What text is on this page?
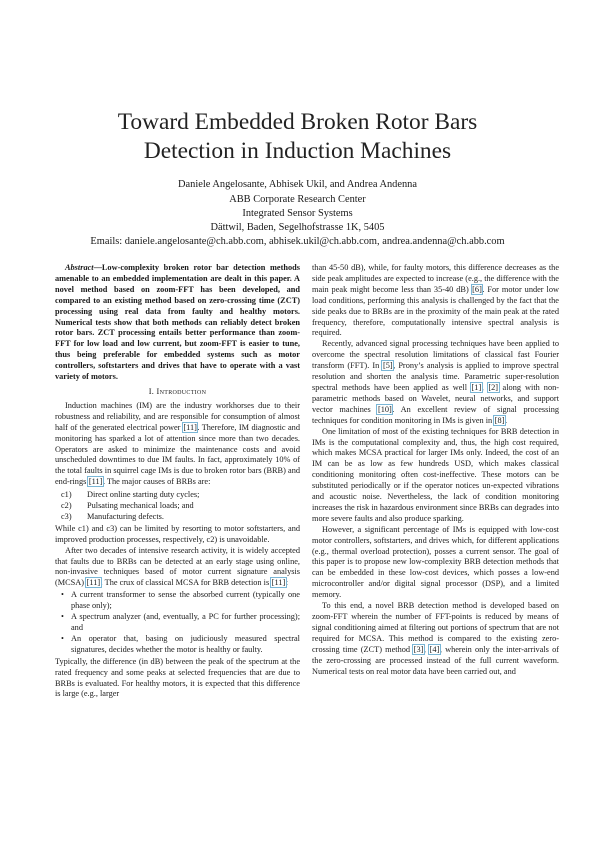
Toward Embedded Broken Rotor Bars
Detection in Induction Machines
Daniele Angelosante, Abhisek Ukil, and Andrea Andenna
ABB Corporate Research Center
Integrated Sensor Systems
Dättwil, Baden, Segelhofstrasse 1K, 5405
Emails: daniele.angelosante@ch.abb.com, abhisek.ukil@ch.abb.com, andrea.andenna@ch.abb.com

Abstract—Low-complexity broken rotor bar detection methods amenable to an embedded implementation are dealt in this paper. A novel method based on zoom-FFT has been developed, and compared to an existing method based on zero-crossing time (ZCT) processing using real data from faulty and healthy motors. Numerical tests show that both methods can reliably detect broken rotor bars. ZCT processing entails better performance than zoom-FFT for low load and low current, but zoom-FFT is easier to tune, thus being preferable for embedded systems such as motor controllers, softstarters and drives that have to operate with a vast variety of motors.

I. Introduction

Induction machines (IM) are the industry workhorses due to their robustness and reliability, and are responsible for consumption of almost half of the generated electrical power [11]. Therefore, IM diagnostic and monitoring has sparked a lot of attention since more than two decades. Operators are asked to minimize the maintenance costs and avoid unscheduled downtimes to due IM faults. In fact, approximately 10% of the total faults in squirrel cage IMs is due to broken rotor bars (BRB) and end-rings [11]. The major causes of BRBs are:

c1) Direct online starting duty cycles;
c2) Pulsating mechanical loads; and
c3) Manufacturing defects.

While c1) and c3) can be limited by resorting to motor softstarters, and improved production processes, respectively, c2) is unavoidable.

After two decades of intensive research activity, it is widely accepted that faults due to BRBs can be detected at an early stage using online, non-invasive techniques based of motor current signature analysis (MCSA) [11]. The crux of classical MCSA for BRB detection is [11]:

• A current transformer to sense the absorbed current (typically one phase only);
• A spectrum analyzer (and, eventually, a PC for further processing); and
• An operator that, basing on judiciously measured spectral signatures, decides whether the motor is healthy or faulty.

Typically, the difference (in dB) between the peak of the spectrum at the rated frequency and some peaks at selected frequencies that are due to BRBs is evaluated. For healthy motors, it is expected that this difference is large (e.g., larger

than 45-50 dB), while, for faulty motors, this difference decreases as the side peak amplitudes are expected to increase (e.g., the difference with the main peak might become less than 35-40 dB) [6]. For motor under low load conditions, performing this analysis is challenged by the fact that the side peaks due to BRBs are in the proximity of the main peak at the rated frequency, therefore, computationally intensive spectral analysis is required.

Recently, advanced signal processing techniques have been applied to overcome the spectral resolution limitations of classical fast Fourier transform (FFT). In [5], Prony’s analysis is applied to improve spectral resolution and shorten the analysis time. Parametric super-resolution spectral methods have been applied as well [1], [2] along with non-parametric methods based on Wavelet, neural networks, and support vector machines [10]. An excellent review of signal processing techniques for condition monitoring in IMs is given in [8].

One limitation of most of the existing techniques for BRB detection in IMs is the computational complexity and, thus, the high cost required, which makes MCSA practical for larger IMs only. Indeed, the cost of an IM can be as low as few hundreds USD, which makes classical conditioning monitoring often cost-ineffective. These motors can be substituted periodically or if the operator notices un-expected vibrations and acoustic noise. Nevertheless, the lack of condition monitoring increases the risk in hazardous environment since BRBs can degrades into more severe faults and also produce sparking.

However, a significant percentage of IMs is equipped with low-cost motor controllers, softstarters, and drives which, for different applications (e.g., thermal overload protection), posses a current sensor. The goal of this paper is to propose new low-complexity BRB detection methods that can be embedded in these low-cost devices, which posses a low-end microcontroller and/or digital signal processor (DSP), and a limited memory.

To this end, a novel BRB detection method is developed based on zoom-FFT wherein the number of FFT-points is reduced by means of signal conditioning aimed at filtering out portions of spectrum that are not required for MCSA. This method is compared to the existing zero-crossing time (ZCT) method [3], [4], wherein only the inter-arrivals of the zero-crossing are processed instead of the full current waveform. Numerical tests on real motor data have been carried out, and
